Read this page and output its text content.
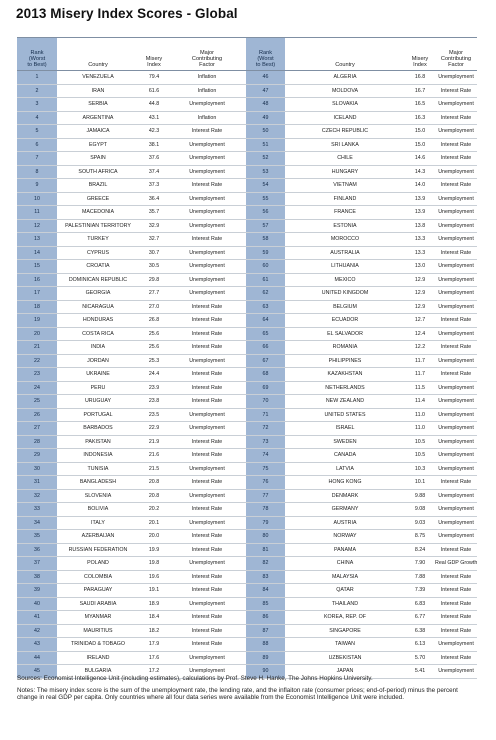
2013 Misery Index Scores - Global
Rank
(Worst
to Best)	Country
Misery
Index
Major
Contributing
Factor
Rank
(Worst
to Best)	Country
Misery
Index
Major
Contributing
Factor
1	VENEZUELA	79.4	Inflation	46	ALGERIA	16.8	Unemployment
2	IRAN	61.6	Inflation	47	MOLDOVA	16.7	Interest Rate
3	SERBIA	44.8	Unemployment	48	SLOVAKIA	16.5	Unemployment
4	ARGENTINA	43.1	Inflation	49	ICELAND	16.3	Interest Rate
5	JAMAICA	42.3	Interest Rate	50	CZECH REPUBLIC	15.0	Unemployment
6	EGYPT	38.1	Unemployment	51	SRI LANKA	15.0	Interest Rate
7	SPAIN	37.6	Unemployment	52	CHILE	14.6	Interest Rate
8	SOUTH AFRICA	37.4	Unemployment	53	HUNGARY	14.3	Unemployment
9	BRAZIL	37.3	Interest Rate	54	VIETNAM	14.0	Interest Rate
10	GREECE	36.4	Unemployment	55	FINLAND	13.9	Unemployment
11	MACEDONIA	35.7	Unemployment	56	FRANCE	13.9	Unemployment
12	PALESTINIAN TERRITORY	32.9	Unemployment	57	ESTONIA	13.8	Unemployment
13	TURKEY	32.7	Interest Rate	58	MOROCCO	13.3	Unemployment
14	CYPRUS	30.7	Unemployment	59	AUSTRALIA	13.3	Interest Rate
15	CROATIA	30.5	Unemployment	60	LITHUANIA	13.0	Unemployment
16	DOMINICAN REPUBLIC	29.8	Unemployment	61	MEXICO	12.9	Unemployment
17	GEORGIA	27.7	Unemployment	62	UNITED KINGDOM	12.9	Unemployment
18	NICARAGUA	27.0	Interest Rate	63	BELGIUM	12.9	Unemployment
19	HONDURAS	26.8	Interest Rate	64	ECUADOR	12.7	Interest Rate
20	COSTA RICA	25.6	Interest Rate	65	EL SALVADOR	12.4	Unemployment
21	INDIA	25.6	Interest Rate	66	ROMANIA	12.2	Interest Rate
22	JORDAN	25.3	Unemployment	67	PHILIPPINES	11.7	Unemployment
23	UKRAINE	24.4	Interest Rate	68	KAZAKHSTAN	11.7	Interest Rate
24	PERU	23.9	Interest Rate	69	NETHERLANDS	11.5	Unemployment
25	URUGUAY	23.8	Interest Rate	70	NEW ZEALAND	11.4	Unemployment
26	PORTUGAL	23.5	Unemployment	71	UNITED STATES	11.0	Unemployment
27	BARBADOS	22.9	Unemployment	72	ISRAEL	11.0	Unemployment
28	PAKISTAN	21.9	Interest Rate	73	SWEDEN	10.5	Unemployment
29	INDONESIA	21.6	Interest Rate	74	CANADA	10.5	Unemployment
30	TUNISIA	21.5	Unemployment	75	LATVIA	10.3	Unemployment
31	BANGLADESH	20.8	Interest Rate	76	HONG KONG	10.1	Interest Rate
32	SLOVENIA	20.8	Unemployment	77	DENMARK	9.88	Unemployment
33	BOLIVIA	20.2	Interest Rate	78	GERMANY	9.08	Unemployment
34	ITALY	20.1	Unemployment	79	AUSTRIA	9.03	Unemployment
35	AZERBAIJAN	20.0	Interest Rate	80	NORWAY	8.75	Unemployment
36	RUSSIAN FEDERATION	19.9	Interest Rate	81	PANAMA	8.24	Interest Rate
37	POLAND	19.8	Unemployment	82	CHINA	7.90	Real GDP Growth
38	COLOMBIA	19.6	Interest Rate	83	MALAYSIA	7.88	Interest Rate
39	PARAGUAY	19.1	Interest Rate	84	QATAR	7.39	Interest Rate
40	SAUDI ARABIA	18.9	Unemployment	85	THAILAND	6.83	Interest Rate
41	MYANMAR	18.4	Interest Rate	86	KOREA, REP. OF	6.77	Interest Rate
42	MAURITIUS	18.2	Interest Rate	87	SINGAPORE	6.38	Interest Rate
43	TRINIDAD & TOBAGO	17.9	Interest Rate	88	TAIWAN	6.13	Unemployment
44	IRELAND	17.6	Unemployment	89	UZBEKISTAN	5.70	Interest Rate
45	BULGARIA	17.2	Unemployment	90	JAPAN	5.41	Unemployment

Sources: Economist Intelligence Unit (including estimates), calculations by Prof. Steve H. Hanke, The Johns Hopkins University.

Notes: The misery index score is the sum of the unemployment rate, the lending rate, and the inflaiton rate (consumer prices; end-of-period) minus the percent change in real GDP per capita. Only countries where all four data series were available from the Economist Intelligence Unit were included.
